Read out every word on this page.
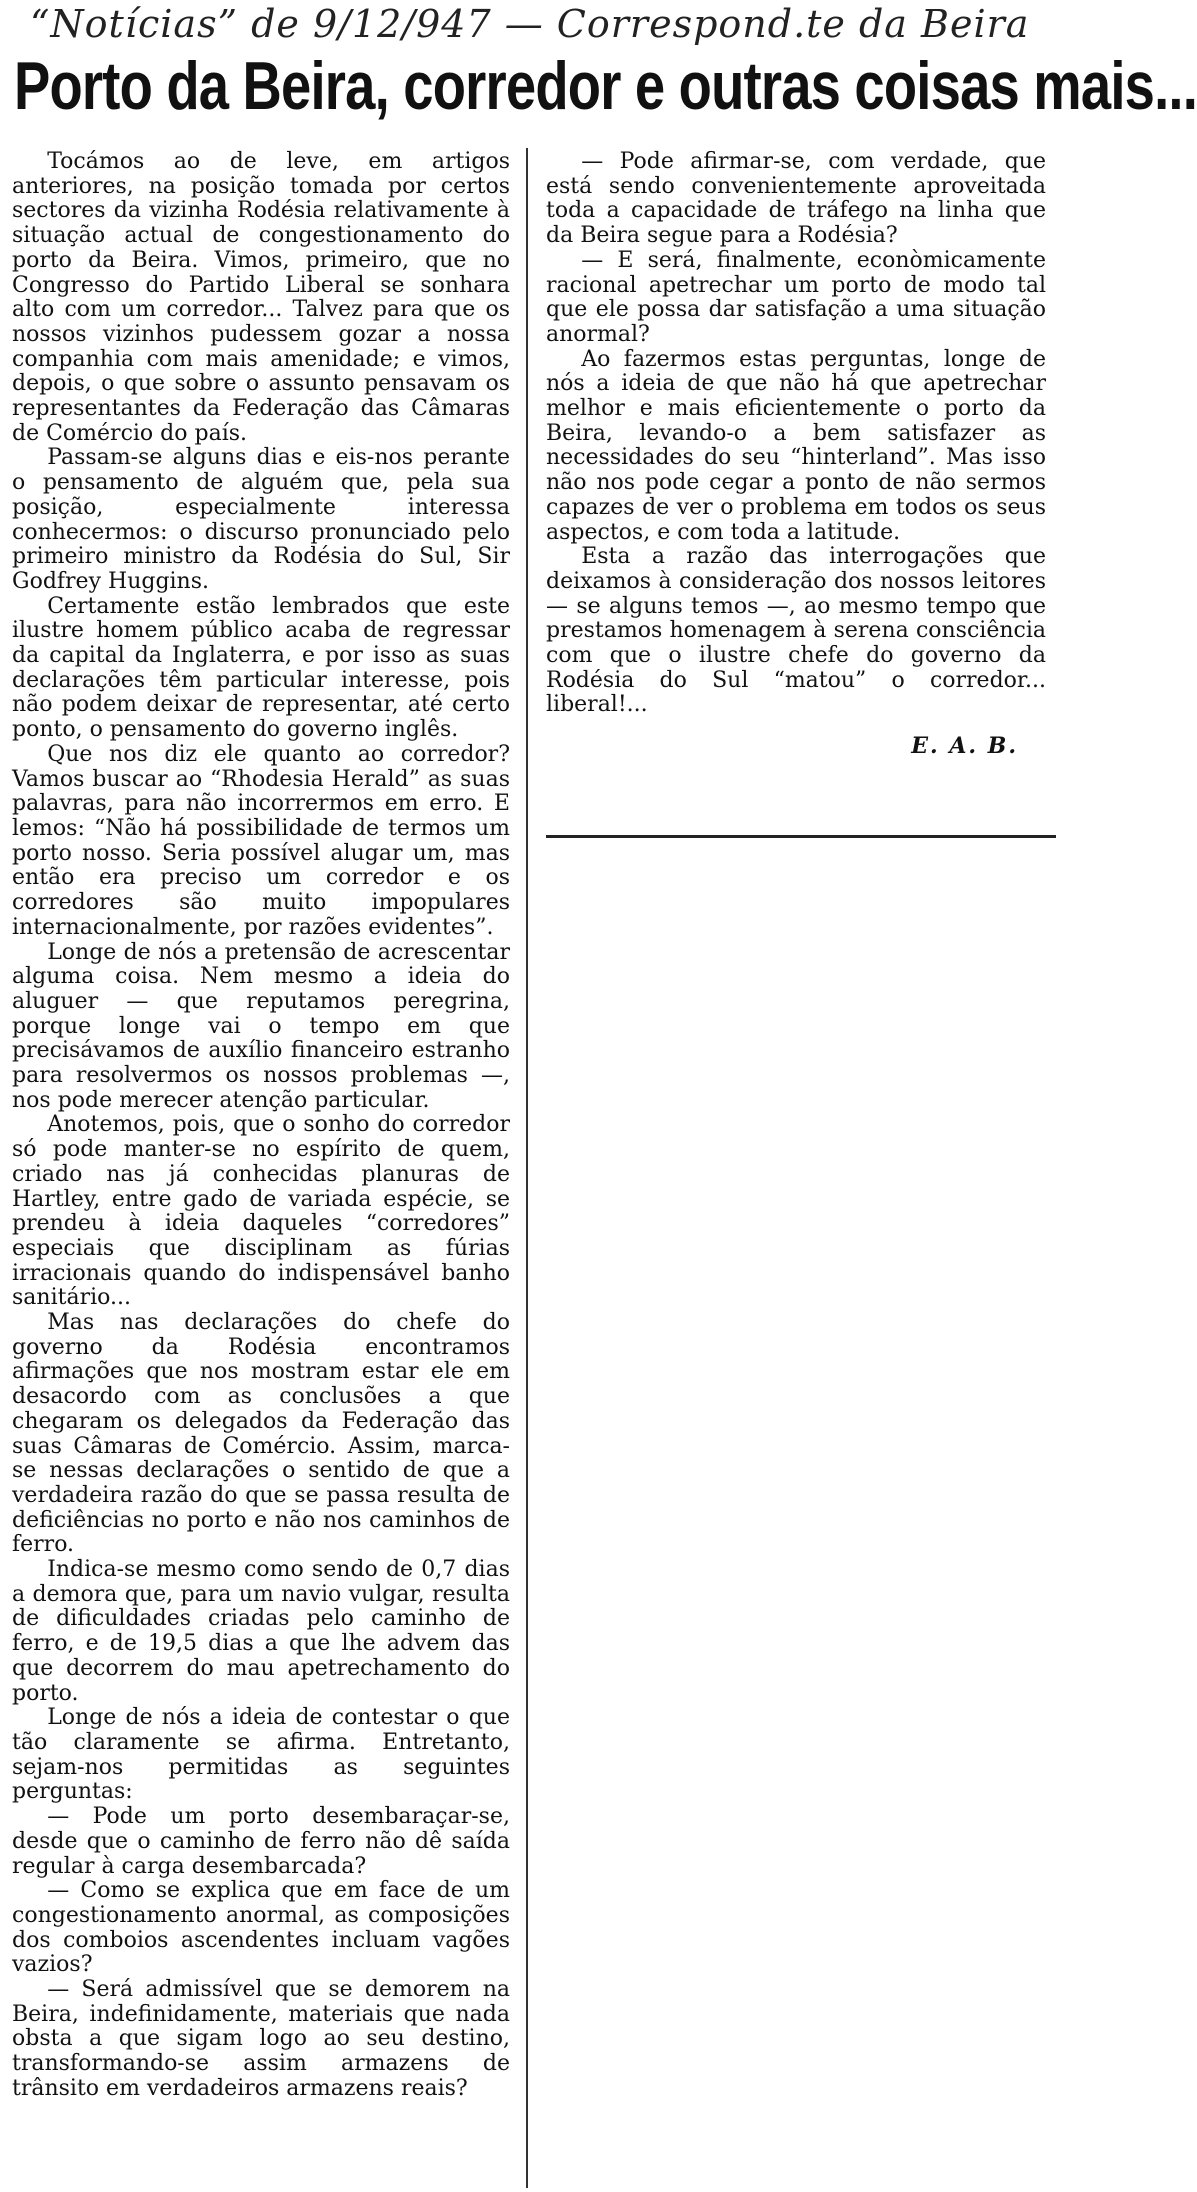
“Notícias” de 9/12/947 — Correspond.te da Beira
Porto da Beira, corredor e outras coisas mais...

Tocámos ao de leve, em artigos anteriores, na posição tomada por certos sectores da vizinha Rodésia relativamente à situação actual de congestionamento do porto da Beira. Vimos, primeiro, que no Congresso do Partido Liberal se sonhara alto com um corredor... Talvez para que os nossos vizinhos pudessem gozar a nossa companhia com mais amenidade; e vimos, depois, o que sobre o assunto pensavam os representantes da Federação das Câmaras de Comércio do país.

Passam-se alguns dias e eis-nos perante o pensamento de alguém que, pela sua posição, especialmente interessa conhecermos: o discurso pronunciado pelo primeiro ministro da Rodésia do Sul, Sir Godfrey Huggins.

Certamente estão lembrados que este ilustre homem público acaba de regressar da capital da Inglaterra, e por isso as suas declarações têm particular interesse, pois não podem deixar de representar, até certo ponto, o pensamento do governo inglês.

Que nos diz ele quanto ao corredor? Vamos buscar ao “Rhodesia Herald” as suas palavras, para não incorrermos em erro. E lemos: “Não há possibilidade de termos um porto nosso. Seria possível alugar um, mas então era preciso um corredor e os corredores são muito impopulares internacionalmente, por razões evidentes”.

Longe de nós a pretensão de acrescentar alguma coisa. Nem mesmo a ideia do aluguer — que reputamos peregrina, porque longe vai o tempo em que precisávamos de auxílio financeiro estranho para resolvermos os nossos problemas —, nos pode merecer atenção particular.

Anotemos, pois, que o sonho do corredor só pode manter-se no espírito de quem, criado nas já conhecidas planuras de Hartley, entre gado de variada espécie, se prendeu à ideia daqueles “corredores” especiais que disciplinam as fúrias irracionais quando do indispensável banho sanitário...

Mas nas declarações do chefe do governo da Rodésia encontramos afirmações que nos mostram estar ele em desacordo com as conclusões a que chegaram os delegados da Federação das suas Câmaras de Comércio. Assim, marca-se nessas declarações o sentido de que a verdadeira razão do que se passa resulta de deficiências no porto e não nos caminhos de ferro.

Indica-se mesmo como sendo de 0,7 dias a demora que, para um navio vulgar, resulta de dificuldades criadas pelo caminho de ferro, e de 19,5 dias a que lhe advem das que decorrem do mau apetrechamento do porto.

Longe de nós a ideia de contestar o que tão claramente se afirma. Entretanto, sejam-nos permitidas as seguintes perguntas:

— Pode um porto desembaraçar-se, desde que o caminho de ferro não dê saída regular à carga desembarcada?

— Como se explica que em face de um congestionamento anormal, as composições dos comboios ascendentes incluam vagões vazios?

— Será admissível que se demorem na Beira, indefinidamente, materiais que nada obsta a que sigam logo ao seu destino, transformando-se assim armazens de trânsito em verdadeiros armazens reais?

— Pode afirmar-se, com verdade, que está sendo convenientemente aproveitada toda a capacidade de tráfego na linha que da Beira segue para a Rodésia?

— E será, finalmente, econòmicamente racional apetrechar um porto de modo tal que ele possa dar satisfação a uma situação anormal?

Ao fazermos estas perguntas, longe de nós a ideia de que não há que apetrechar melhor e mais eficientemente o porto da Beira, levando-o a bem satisfazer as necessidades do seu “hinterland”. Mas isso não nos pode cegar a ponto de não sermos capazes de ver o problema em todos os seus aspectos, e com toda a latitude.

Esta a razão das interrogações que deixamos à consideração dos nossos leitores — se alguns temos —, ao mesmo tempo que prestamos homenagem à serena consciência com que o ilustre chefe do governo da Rodésia do Sul “matou” o corredor... liberal!...

E. A. B.
